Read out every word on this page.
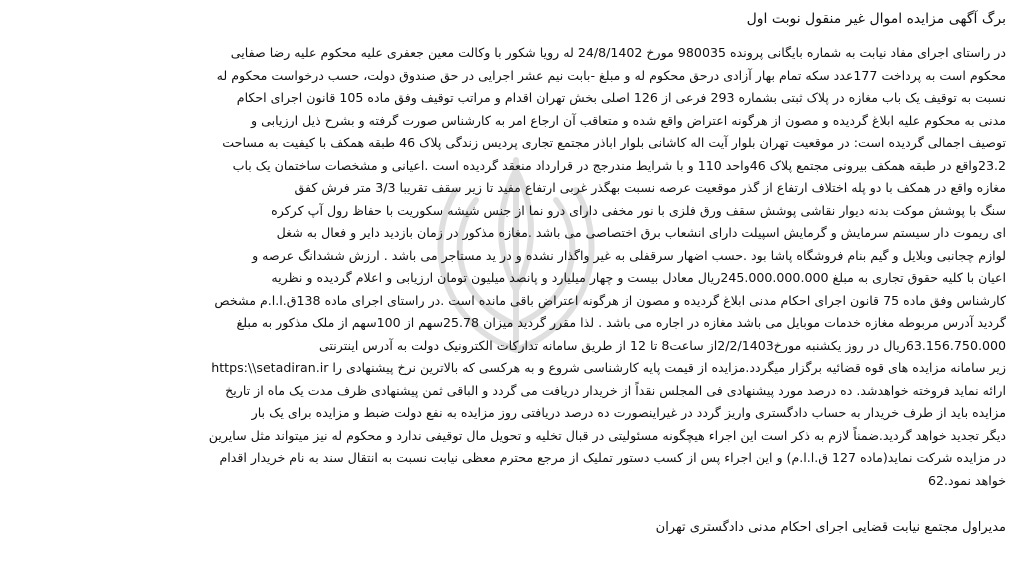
برگ آگهی مزایده اموال غیر منقول نوبت اول
در راستای اجرای مفاد نیابت به شماره بایگانی پرونده 980035 مورخ 24/8/1402 له رویا شکور با وکالت معین جعفری علیه محکوم علیه رضا صفایی
محکوم است به پرداخت 177عدد سکه تمام بهار آزادی درحق محکوم له و مبلغ -بابت نیم عشر اجرایی در حق صندوق دولت، حسب درخواست محکوم له
نسبت به توقیف یک باب مغازه در پلاک ثبتی بشماره 293 فرعی از 126 اصلی بخش تهران اقدام و مراتب توقیف وفق ماده 105 قانون اجرای احکام
مدنی به محکوم علیه ابلاغ گردیده و مصون از هرگونه اعتراض واقع شده و متعاقب آن ارجاع امر به کارشناس صورت گرفته و بشرح ذیل ارزیابی و
توصیف اجمالی گردیده است: در موقعیت تهران بلوار آیت اله کاشانی بلوار اباذر مجتمع تجاری پردیس زندگی پلاک 46 طبقه همکف با کیفیت به مساحت
23.2واقع در طبقه همکف بیرونی مجتمع پلاک 46واحد 110 و با شرایط مندرجج در قرارداد منعقد گردیده است .اعیانی و مشخصات ساختمان یک باب
مغازه واقع در همکف با دو پله اختلاف ارتفاع از گذر موقعیت عرصه نسبت بهگذر غربی ارتفاع مفید تا زیر سقف تقریبا 3/3 متر فرش کفق
سنگ با پوشش موکت بدنه دیوار نقاشی پوشش سقف ورق فلزی با نور مخفی دارای درو نما از جنس شیشه سکوریت با حفاظ رول آپ کرکره
ای ریموت دار سیستم سرمایش و گرمایش اسپیلت دارای انشعاب برق اختصاصی می باشد .مغازه مذکور در زمان بازدید دایر و فعال به شغل
لوازم چجانبی وبلایل و گیم بنام فروشگاه پاشا بود .حسب اضهار سرقفلی به غیر واگذار نشده و در ید مستاجر می باشد . ارزش ششدانگ عرصه و
اعیان با کلیه حقوق تجاری به مبلغ 245.000.000.000ریال معادل بیست و چهار میلیارد و پانصد میلیون تومان ارزیابی و اعلام گردیده و نظریه
کارشناس وفق ماده 75 قانون اجرای احکام مدنی ابلاغ گردیده و مصون از هرگونه اعتراض باقی مانده است .در راستای اجرای ماده 138ق.ا.ا.م مشخص
گردید آدرس مربوطه مغازه خدمات موبایل می باشد مغازه در اجاره می باشد . لذا مقرر گردید میزان 25.78سهم از 100سهم از ملک مذکور به مبلغ
63.156.750.000ریال در روز یکشنبه مورخ2/2/1403از ساعت8 تا 12 از طریق سامانه تدارکات الکترونیک دولت به آدرس اینترنتی
زیر سامانه مزایده های قوه قضائیه برگزار میگردد.مزایده از قیمت پایه کارشناسی شروع و به هرکسی که بالاترین نرخ پیشنهادی را https:\\setadiran.ir
ارائه نماید فروخته خواهدشد. ده درصد مورد پیشنهادی فی المجلس نقداً از خریدار دریافت می گردد و الباقی ثمن پیشنهادی ظرف مدت یک ماه از تاریخ
مزایده باید از طرف خریدار به حساب دادگستری واریز گردد در غیراینصورت ده درصد دریافتی روز مزایده به نفع دولت ضبط و مزایده برای یک بار
دیگر تجدید خواهد گردید.ضمناً لازم به ذکر است این اجراء هیچگونه مسئولیتی در قبال تخلیه و تحویل مال توقیفی ندارد و محکوم له نیز میتواند مثل سایرین
در مزایده شرکت نماید(ماده 127 ق.ا.ا.م) و این اجراء پس از کسب دستور تملیک از مرجع محترم معظی نیابت نسبت به انتقال سند به نام خریدار اقدام
خواهد نمود.62
مدیراول مجتمع نیابت قضایی اجرای احکام مدنی دادگستری تهران
